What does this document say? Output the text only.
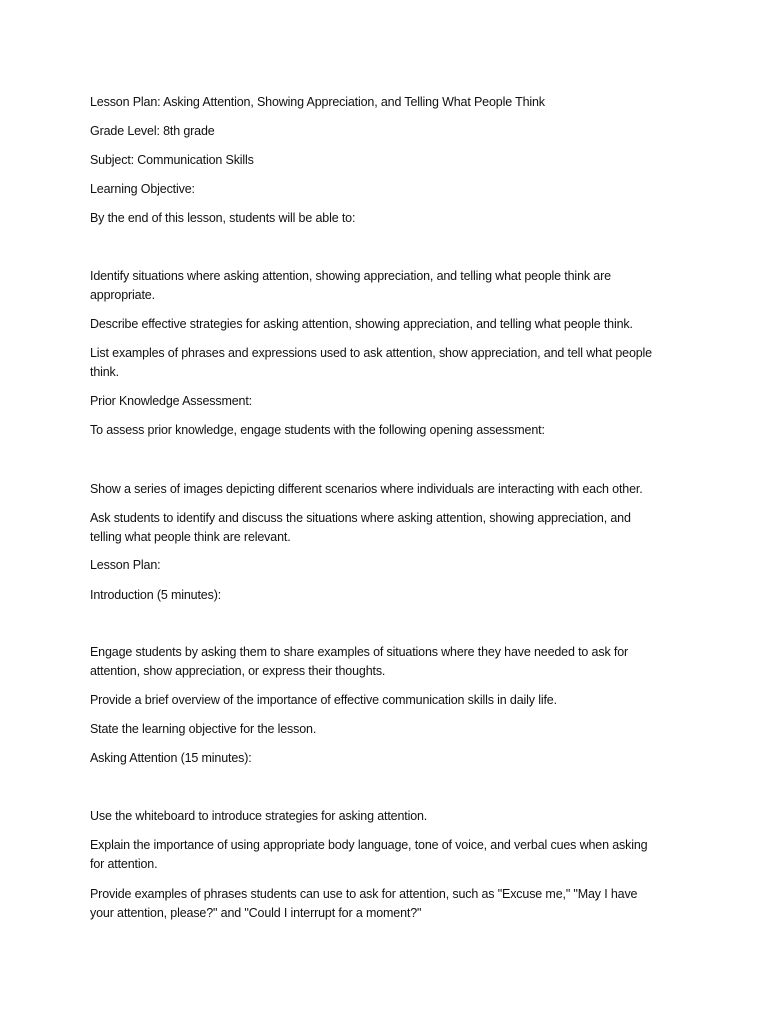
Lesson Plan: Asking Attention, Showing Appreciation, and Telling What People Think
Grade Level: 8th grade
Subject: Communication Skills
Learning Objective:
By the end of this lesson, students will be able to:
Identify situations where asking attention, showing appreciation, and telling what people think are
appropriate.
Describe effective strategies for asking attention, showing appreciation, and telling what people think.
List examples of phrases and expressions used to ask attention, show appreciation, and tell what people
think.
Prior Knowledge Assessment:
To assess prior knowledge, engage students with the following opening assessment:
Show a series of images depicting different scenarios where individuals are interacting with each other.
Ask students to identify and discuss the situations where asking attention, showing appreciation, and
telling what people think are relevant.
Lesson Plan:
Introduction (5 minutes):
Engage students by asking them to share examples of situations where they have needed to ask for
attention, show appreciation, or express their thoughts.
Provide a brief overview of the importance of effective communication skills in daily life.
State the learning objective for the lesson.
Asking Attention (15 minutes):
Use the whiteboard to introduce strategies for asking attention.
Explain the importance of using appropriate body language, tone of voice, and verbal cues when asking
for attention.
Provide examples of phrases students can use to ask for attention, such as "Excuse me," "May I have
your attention, please?" and "Could I interrupt for a moment?"
